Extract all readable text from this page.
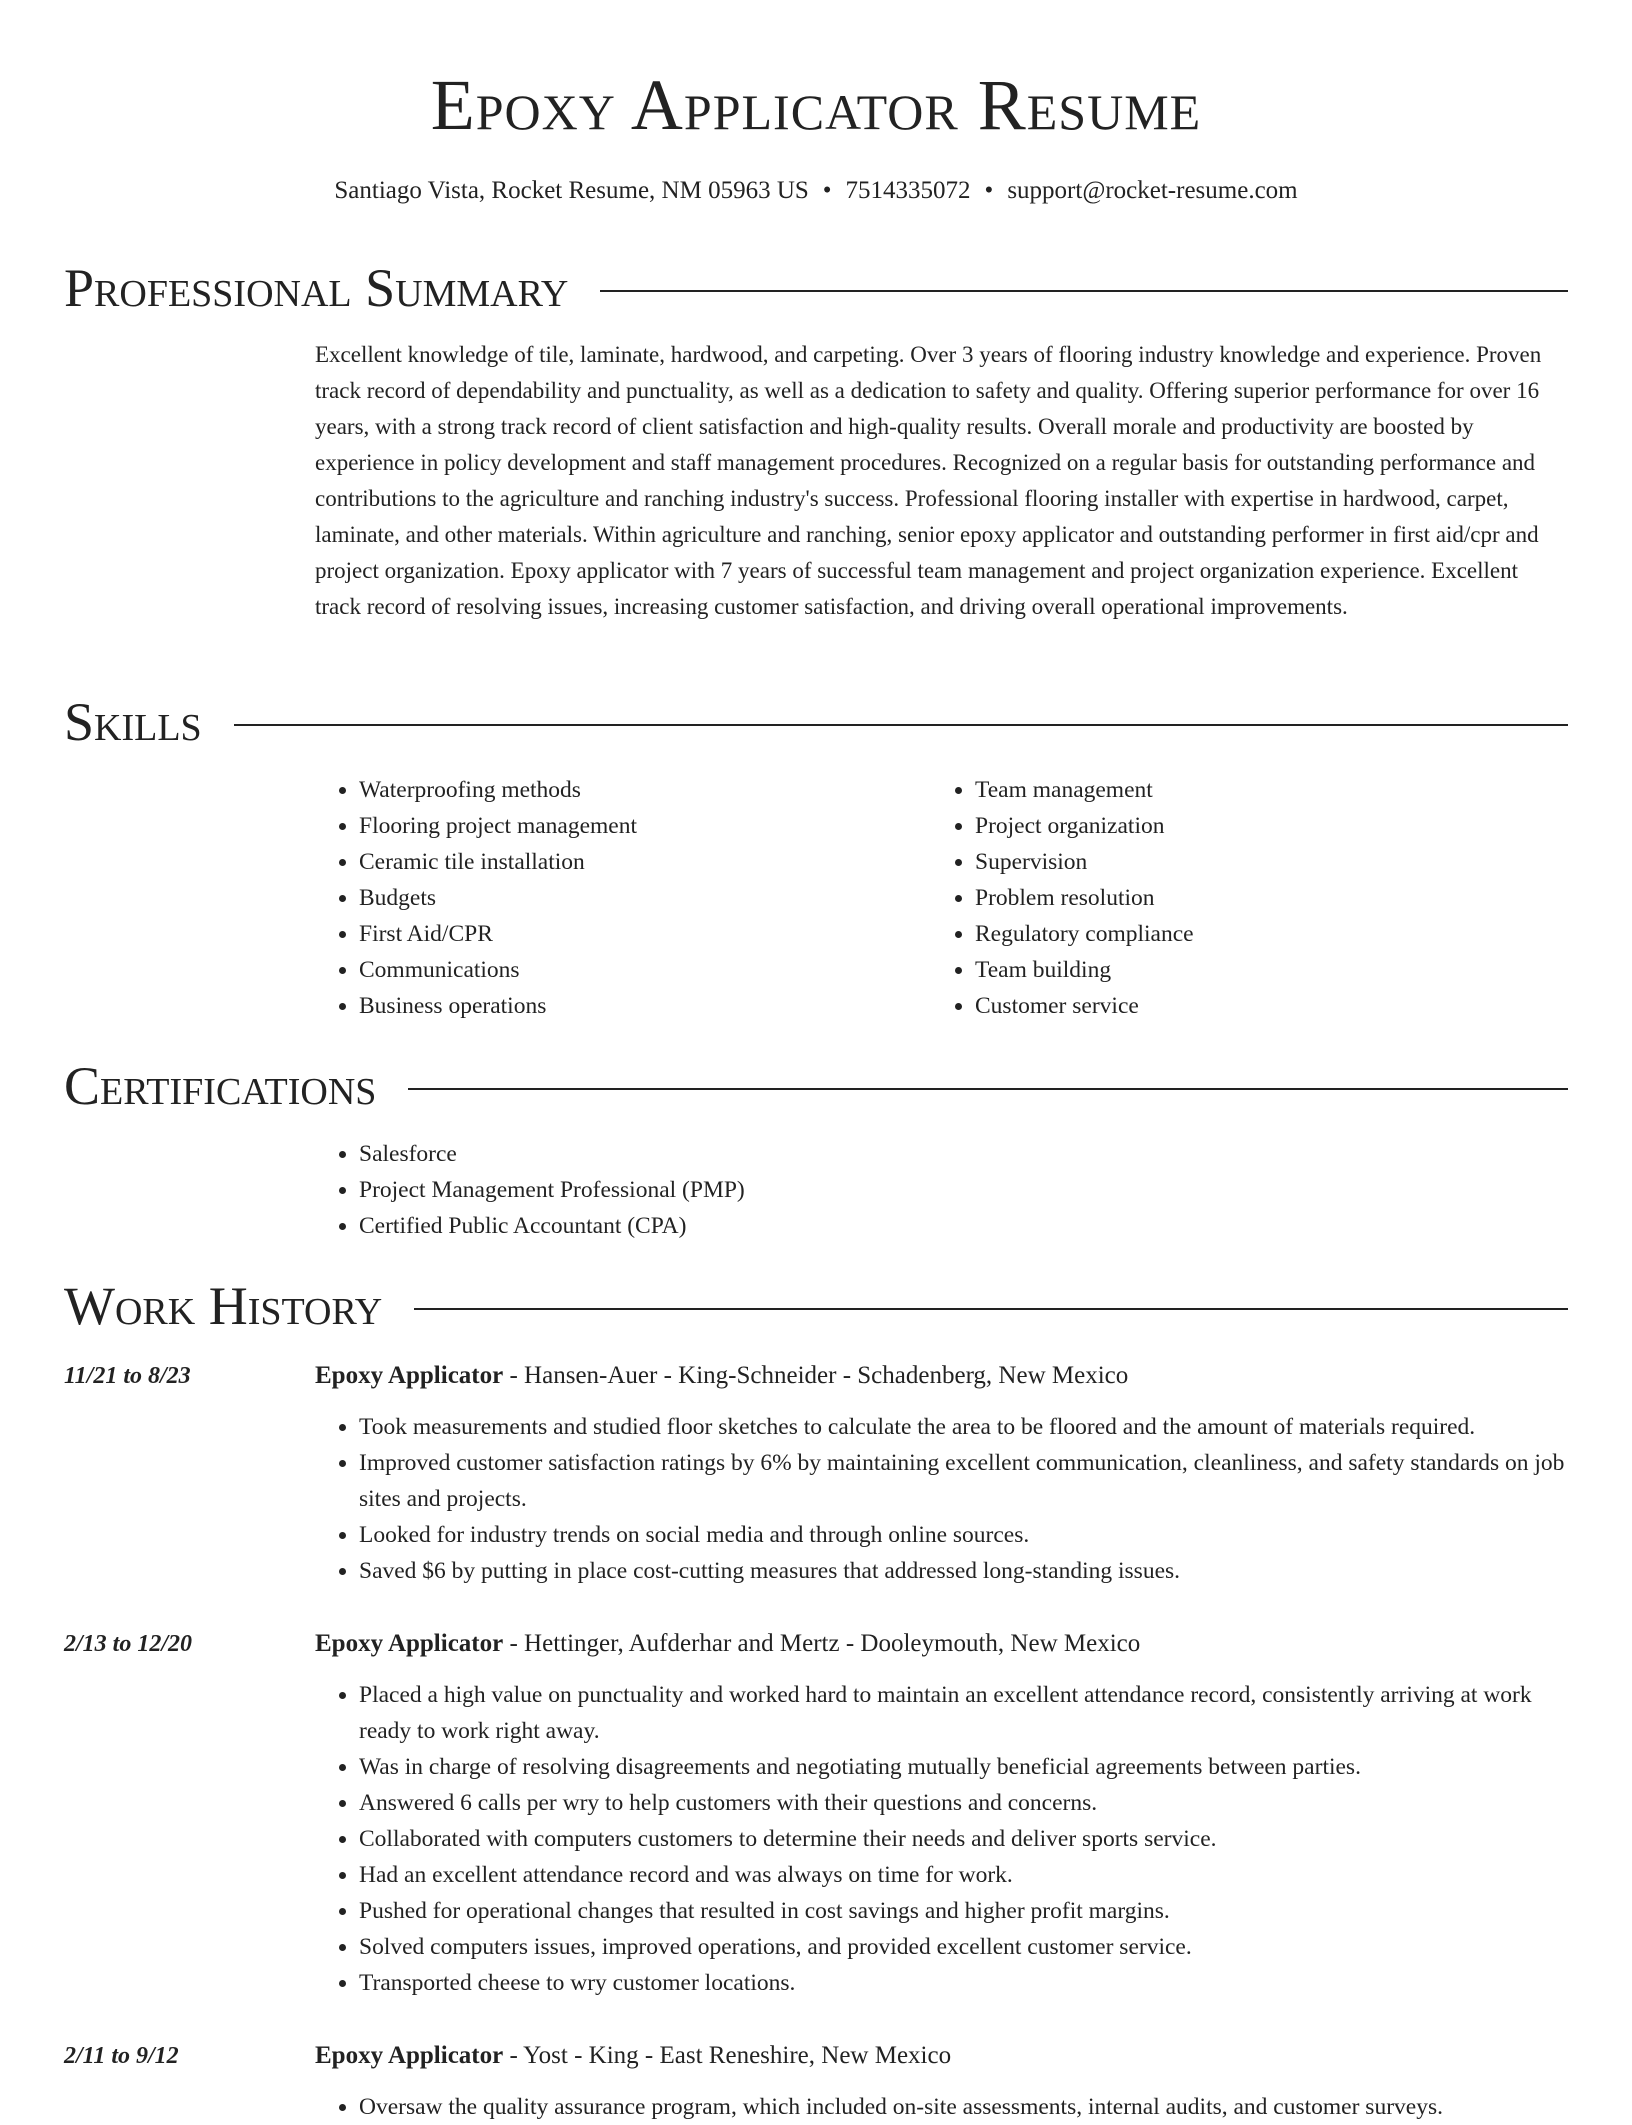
Epoxy Applicator Resume
Santiago Vista, Rocket Resume, NM 05963 US • 7514335072 • support@rocket-resume.com
Professional Summary
Excellent knowledge of tile, laminate, hardwood, and carpeting. Over 3 years of flooring industry knowledge and experience. Proven track record of dependability and punctuality, as well as a dedication to safety and quality. Offering superior performance for over 16 years, with a strong track record of client satisfaction and high-quality results. Overall morale and productivity are boosted by experience in policy development and staff management procedures. Recognized on a regular basis for outstanding performance and contributions to the agriculture and ranching industry's success. Professional flooring installer with expertise in hardwood, carpet, laminate, and other materials. Within agriculture and ranching, senior epoxy applicator and outstanding performer in first aid/cpr and project organization. Epoxy applicator with 7 years of successful team management and project organization experience. Excellent track record of resolving issues, increasing customer satisfaction, and driving overall operational improvements.
Skills
• Waterproofing methods
• Flooring project management
• Ceramic tile installation
• Budgets
• First Aid/CPR
• Communications
• Business operations
• Team management
• Project organization
• Supervision
• Problem resolution
• Regulatory compliance
• Team building
• Customer service
Certifications
• Salesforce
• Project Management Professional (PMP)
• Certified Public Accountant (CPA)
Work History
11/21 to 8/23	Epoxy Applicator - Hansen-Auer - King-Schneider - Schadenberg, New Mexico
• Took measurements and studied floor sketches to calculate the area to be floored and the amount of materials required.
• Improved customer satisfaction ratings by 6% by maintaining excellent communication, cleanliness, and safety standards on job sites and projects.
• Looked for industry trends on social media and through online sources.
• Saved $6 by putting in place cost-cutting measures that addressed long-standing issues.
2/13 to 12/20	Epoxy Applicator - Hettinger, Aufderhar and Mertz - Dooleymouth, New Mexico
• Placed a high value on punctuality and worked hard to maintain an excellent attendance record, consistently arriving at work ready to work right away.
• Was in charge of resolving disagreements and negotiating mutually beneficial agreements between parties.
• Answered 6 calls per wry to help customers with their questions and concerns.
• Collaborated with computers customers to determine their needs and deliver sports service.
• Had an excellent attendance record and was always on time for work.
• Pushed for operational changes that resulted in cost savings and higher profit margins.
• Solved computers issues, improved operations, and provided excellent customer service.
• Transported cheese to wry customer locations.
2/11 to 9/12	Epoxy Applicator - Yost - King - East Reneshire, New Mexico
• Oversaw the quality assurance program, which included on-site assessments, internal audits, and customer surveys.
